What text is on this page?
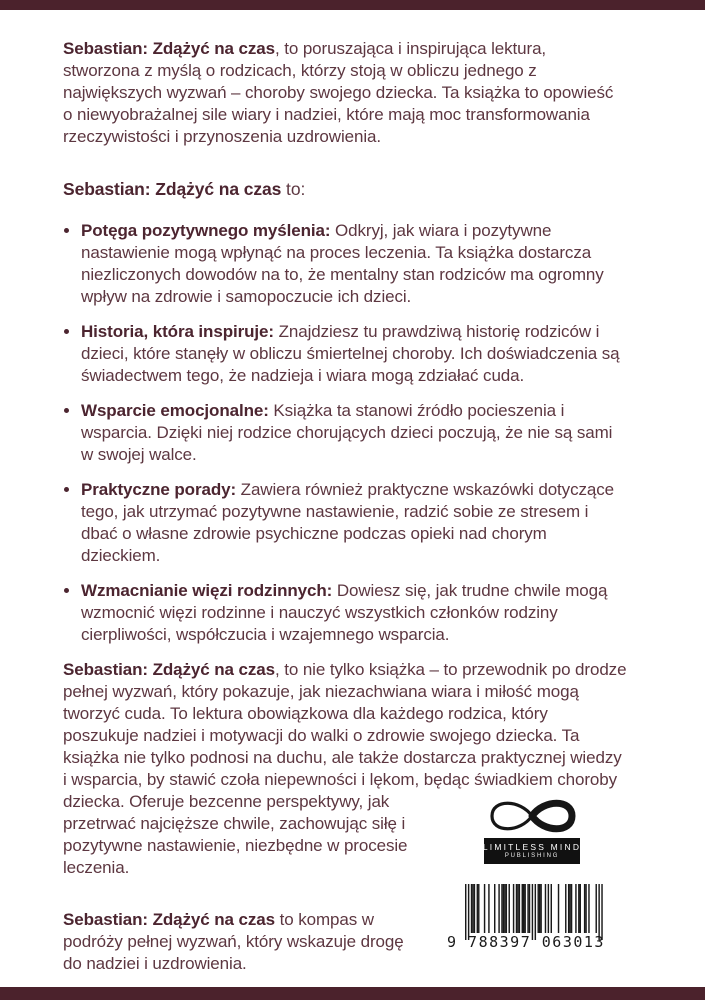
Sebastian: Zdążyć na czas, to poruszająca i inspirująca lektura, stworzona z myślą o rodzicach, którzy stoją w obliczu jednego z największych wyzwań – choroby swojego dziecka. Ta książka to opowieść o niewyobrażalnej sile wiary i nadziei, które mają moc transformowania rzeczywistości i przynoszenia uzdrowienia.

Sebastian: Zdążyć na czas to:

Potęga pozytywnego myślenia: Odkryj, jak wiara i pozytywne nastawienie mogą wpłynąć na proces leczenia. Ta książka dostarcza niezliczonych dowodów na to, że mentalny stan rodziców ma ogromny wpływ na zdrowie i samopoczucie ich dzieci.
Historia, która inspiruje: Znajdziesz tu prawdziwą historię rodziców i dzieci, które stanęły w obliczu śmiertelnej choroby. Ich doświadczenia są świadectwem tego, że nadzieja i wiara mogą zdziałać cuda.
Wsparcie emocjonalne: Książka ta stanowi źródło pocieszenia i wsparcia. Dzięki niej rodzice chorujących dzieci poczują, że nie są sami w swojej walce.
Praktyczne porady: Zawiera również praktyczne wskazówki dotyczące tego, jak utrzymać pozytywne nastawienie, radzić sobie ze stresem i dbać o własne zdrowie psychiczne podczas opieki nad chorym dzieckiem.
Wzmacnianie więzi rodzinnych: Dowiesz się, jak trudne chwile mogą wzmocnić więzi rodzinne i nauczyć wszystkich członków rodziny cierpliwości, współczucia i wzajemnego wsparcia.

LIMITLESS MIND
PUBLISHING
Sebastian: Zdążyć na czas, to nie tylko książka – to przewodnik po drodze pełnej wyzwań, który pokazuje, jak niezachwiana wiara i miłość mogą tworzyć cuda. To lektura obowiązkowa dla każdego rodzica, który poszukuje nadziei i motywacji do walki o zdrowie swojego dziecka. Ta książka nie tylko podnosi na duchu, ale także dostarcza praktycznej wiedzy i wsparcia, by stawić czoła niepewności i lękom, będąc świadkiem choroby dziecka. Oferuje bezcenne perspektywy, jak przetrwać najcięższe chwile, zachowując siłę i pozytywne nastawienie, niezbędne w procesie leczenia.

Sebastian: Zdążyć na czas to kompas w podróży pełnej wyzwań, który wskazuje drogę do nadziei i uzdrowienia.

9 788397 063013
